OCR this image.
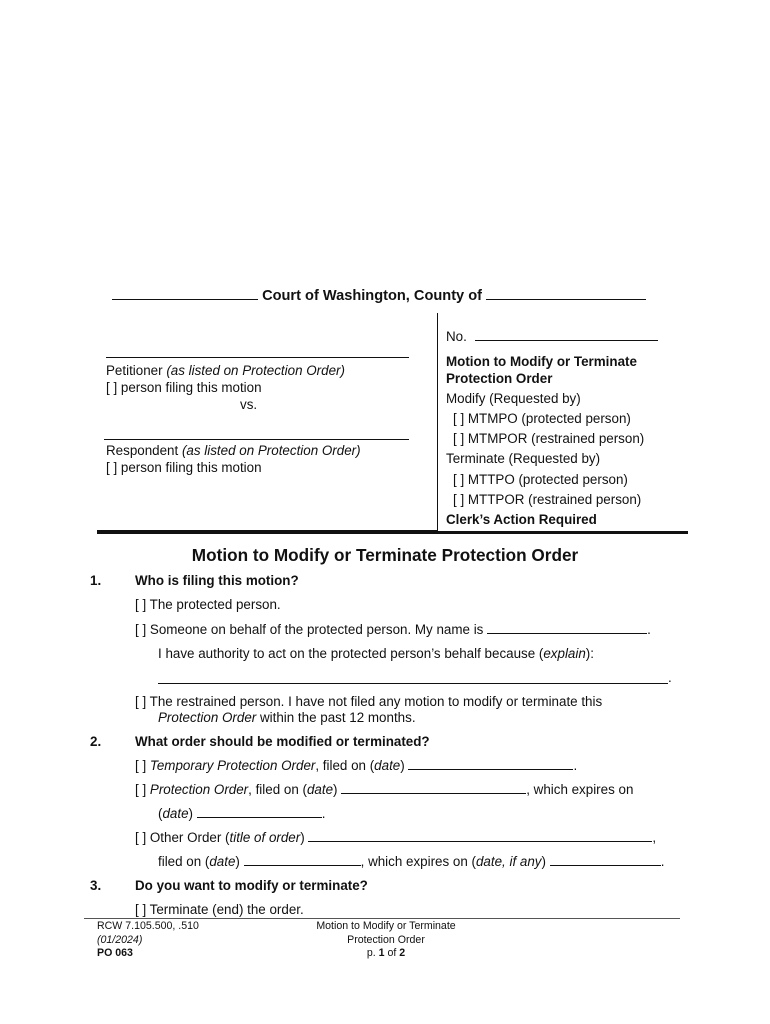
Court of Washington, County of
Petitioner (as listed on Protection Order)
[ ] person filing this motion
vs.
Respondent (as listed on Protection Order)
[ ] person filing this motion
No.
Motion to Modify or Terminate
Protection Order
Modify (Requested by)
[ ] MTMPO (protected person)
[ ] MTMPOR (restrained person)
Terminate (Requested by)
[ ] MTTPO (protected person)
[ ] MTTPOR (restrained person)
Clerk’s Action Required
Motion to Modify or Terminate Protection Order
1.	Who is filing this motion?
[ ] The protected person.
[ ] Someone on behalf of the protected person. My name is	.
I have authority to act on the protected person’s behalf because (explain):
.
[ ] The restrained person. I have not filed any motion to modify or terminate this
Protection Order within the past 12 months.
2.	What order should be modified or terminated?
[ ] Temporary Protection Order, filed on (date)	.
[ ] Protection Order, filed on (date)	, which expires on
(date)	.
[ ] Other Order (title of order)	,
filed on (date)	, which expires on (date, if any)	.
3.	Do you want to modify or terminate?
[ ] Terminate (end) the order.
RCW 7.105.500, .510
(01/2024)
PO 063
Motion to Modify or Terminate
Protection Order
p. 1 of 2
